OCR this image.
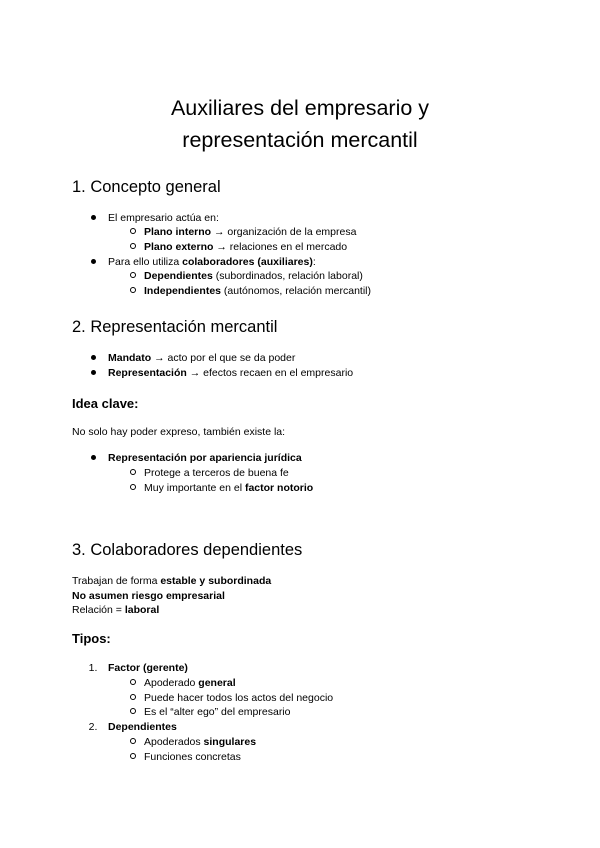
Auxiliares del empresario y
representación mercantil
1. Concepto general
El empresario actúa en:
Plano interno → organización de la empresa
Plano externo → relaciones en el mercado
Para ello utiliza colaboradores (auxiliares):
Dependientes (subordinados, relación laboral)
Independientes (autónomos, relación mercantil)
2. Representación mercantil
Mandato → acto por el que se da poder
Representación → efectos recaen en el empresario
Idea clave:

No solo hay poder expreso, también existe la:

Representación por apariencia jurídica
Protege a terceros de buena fe
Muy importante en el factor notorio
3. Colaboradores dependientes

Trabajan de forma estable y subordinada

No asumen riesgo empresarial

Relación = laboral

Tipos:
1. Factor (gerente)
Apoderado general
Puede hacer todos los actos del negocio
Es el “alter ego” del empresario
2. Dependientes
Apoderados singulares
Funciones concretas
